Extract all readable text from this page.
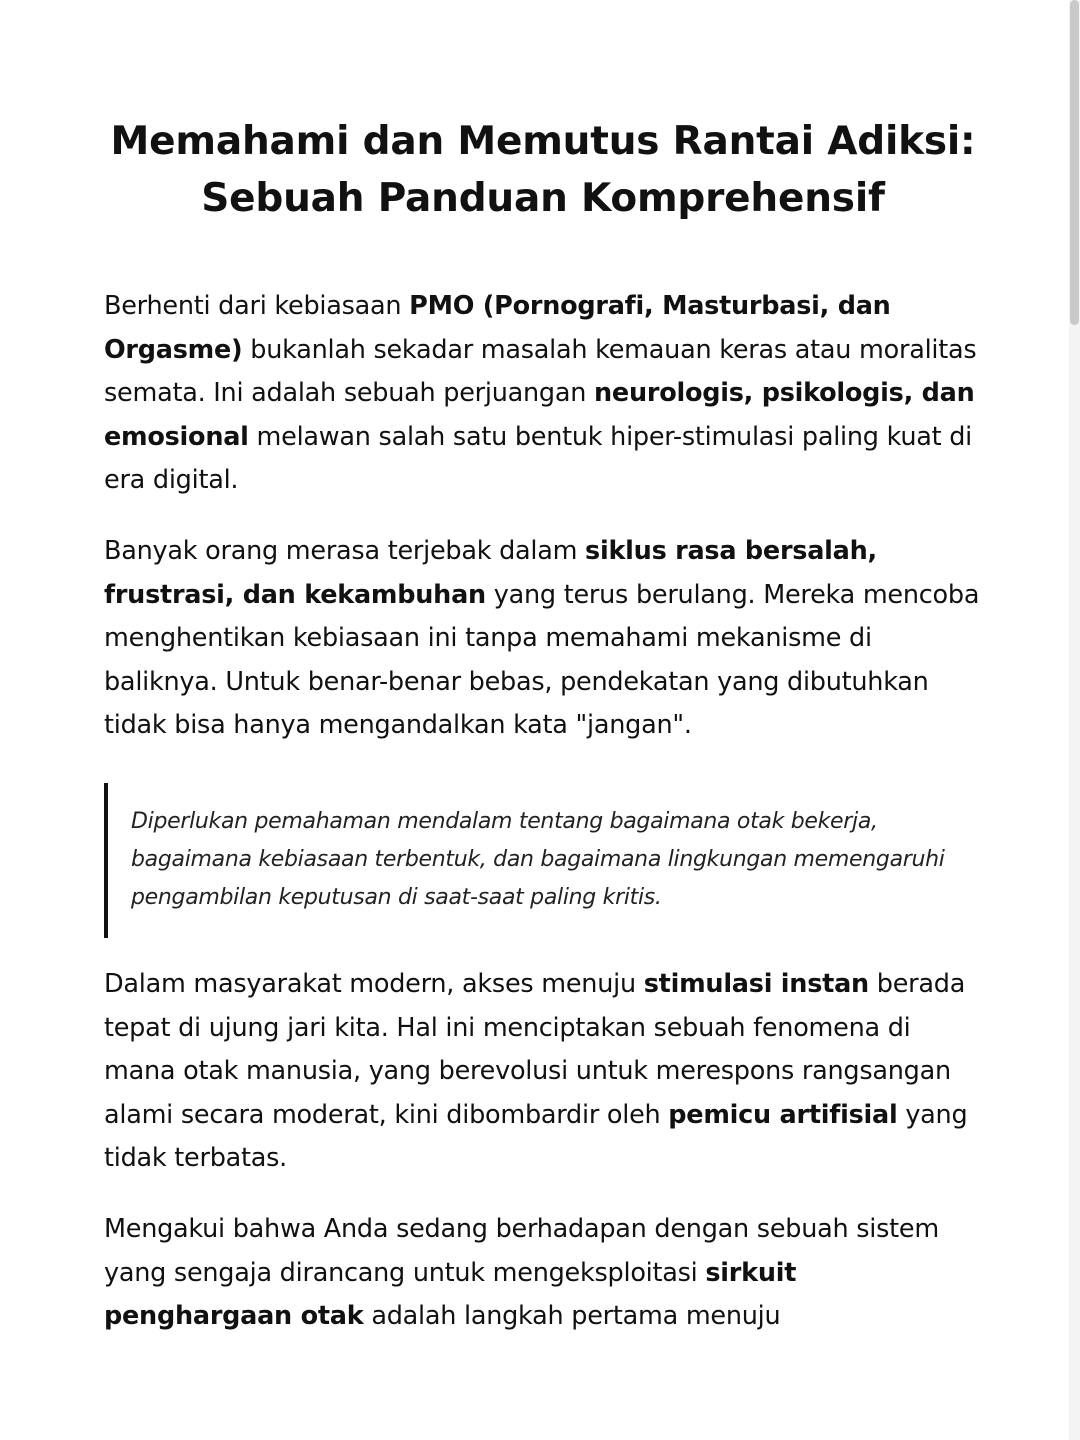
Memahami dan Memutus Rantai Adiksi: Sebuah Panduan Komprehensif

Berhenti dari kebiasaan PMO (Pornografi, Masturbasi, dan Orgasme) bukanlah sekadar masalah kemauan keras atau moralitas semata. Ini adalah sebuah perjuangan neurologis, psikologis, dan emosional melawan salah satu bentuk hiper-stimulasi paling kuat di era digital.

Banyak orang merasa terjebak dalam siklus rasa bersalah, frustrasi, dan kekambuhan yang terus berulang. Mereka mencoba menghentikan kebiasaan ini tanpa memahami mekanisme di baliknya. Untuk benar-benar bebas, pendekatan yang dibutuhkan tidak bisa hanya mengandalkan kata "jangan".

Diperlukan pemahaman mendalam tentang bagaimana otak bekerja, bagaimana kebiasaan terbentuk, dan bagaimana lingkungan memengaruhi pengambilan keputusan di saat-saat paling kritis.

Dalam masyarakat modern, akses menuju stimulasi instan berada tepat di ujung jari kita. Hal ini menciptakan sebuah fenomena di mana otak manusia, yang berevolusi untuk merespons rangsangan alami secara moderat, kini dibombardir oleh pemicu artifisial yang tidak terbatas.

Mengakui bahwa Anda sedang berhadapan dengan sebuah sistem yang sengaja dirancang untuk mengeksploitasi sirkuit penghargaan otak adalah langkah pertama menuju
